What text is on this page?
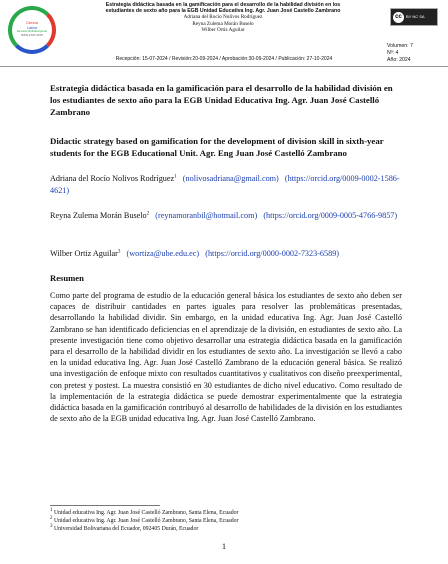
Ciencia
Latina
Revista Multidisciplinar
ISSN 2707-2207
Estrategia didáctica basada en la gamificación para el desarrollo de la habilidad división en los
estudiantes de sexto año para la EGB Unidad Educativa Ing. Agr. Juan José Castello Zambrano
Adriana del Rocío Nolivos Rodríguez
Reyna Zulema Morán Buselo
Wilber Ortiz Aguilar
cc	BY NC SA
Volumen: 7
Nº: 4
Año: 2024
Recepción: 15-07-2024 / Revisión:20-09-2024 / Aprobación:30-09-2024 / Publicación: 27-10-2024
Estrategia didáctica basada en la gamificación para el desarrollo de la habilidad división en los estudiantes de sexto año para la EGB Unidad Educativa Ing. Agr. Juan José Castelló Zambrano
Didactic strategy based on gamification for the development of division skill in sixth-year students for the EGB Educational Unit. Agr. Eng Juan José Castelló Zambrano
Adriana del Rocío Nolivos Rodríguez$^1$ (nolivosadriana@gmail.com) (https://orcid.org/0009-0002-1586-4621)
Reyna Zulema Morán Buselo$^2$ (reynamoranbil@hotmail.com) (https://orcid.org/0009-0005-4766-9857)
Wilber Ortiz Aguilar$^3$ (wortiza@ube.edu.ec) (https://orcid.org/0000-0002-7323-6589)
Resumen
Como parte del programa de estudio de la educación general básica los estudiantes de sexto año deben ser capaces de distribuir cantidades en partes iguales para resolver las problemáticas presentadas, desarrollando la habilidad dividir. Sin embargo, en la unidad educativa Ing. Agr. Juan José Castelló Zambrano se han identificado deficiencias en el aprendizaje de la división, en estudiantes de sexto año. La presente investigación tiene como objetivo desarrollar una estrategia didáctica basada en la gamificación para el desarrollo de la habilidad dividir en los estudiantes de sexto año. La investigación se llevó a cabo en la unidad educativa Ing. Agr. Juan José Castelló Zambrano de la educación general básica. Se realizó una investigación de enfoque mixto con resultados cuantitativos y cualitativos con diseño preexperimental, con pretest y postest. La muestra consistió en 30 estudiantes de dicho nivel educativo. Como resultado de la implementación de la estrategia didáctica se puede demostrar experimentalmente que la estrategia didáctica basada en la gamificación contribuyó al desarrollo de habilidades de la división en los estudiantes de sexto año de la EGB unidad educativa Ing. Agr. Juan José Castelló Zambrano.
$^1$ Unidad educativa Ing. Agr. Juan José Castelló Zambrano, Santa Elena, Ecuador
$^2$ Unidad educativa Ing. Agr. Juan José Castelló Zambrano, Santa Elena, Ecuador
$^3$ Universidad Bolivariana del Ecuador, 092405 Durán, Ecuador
1
